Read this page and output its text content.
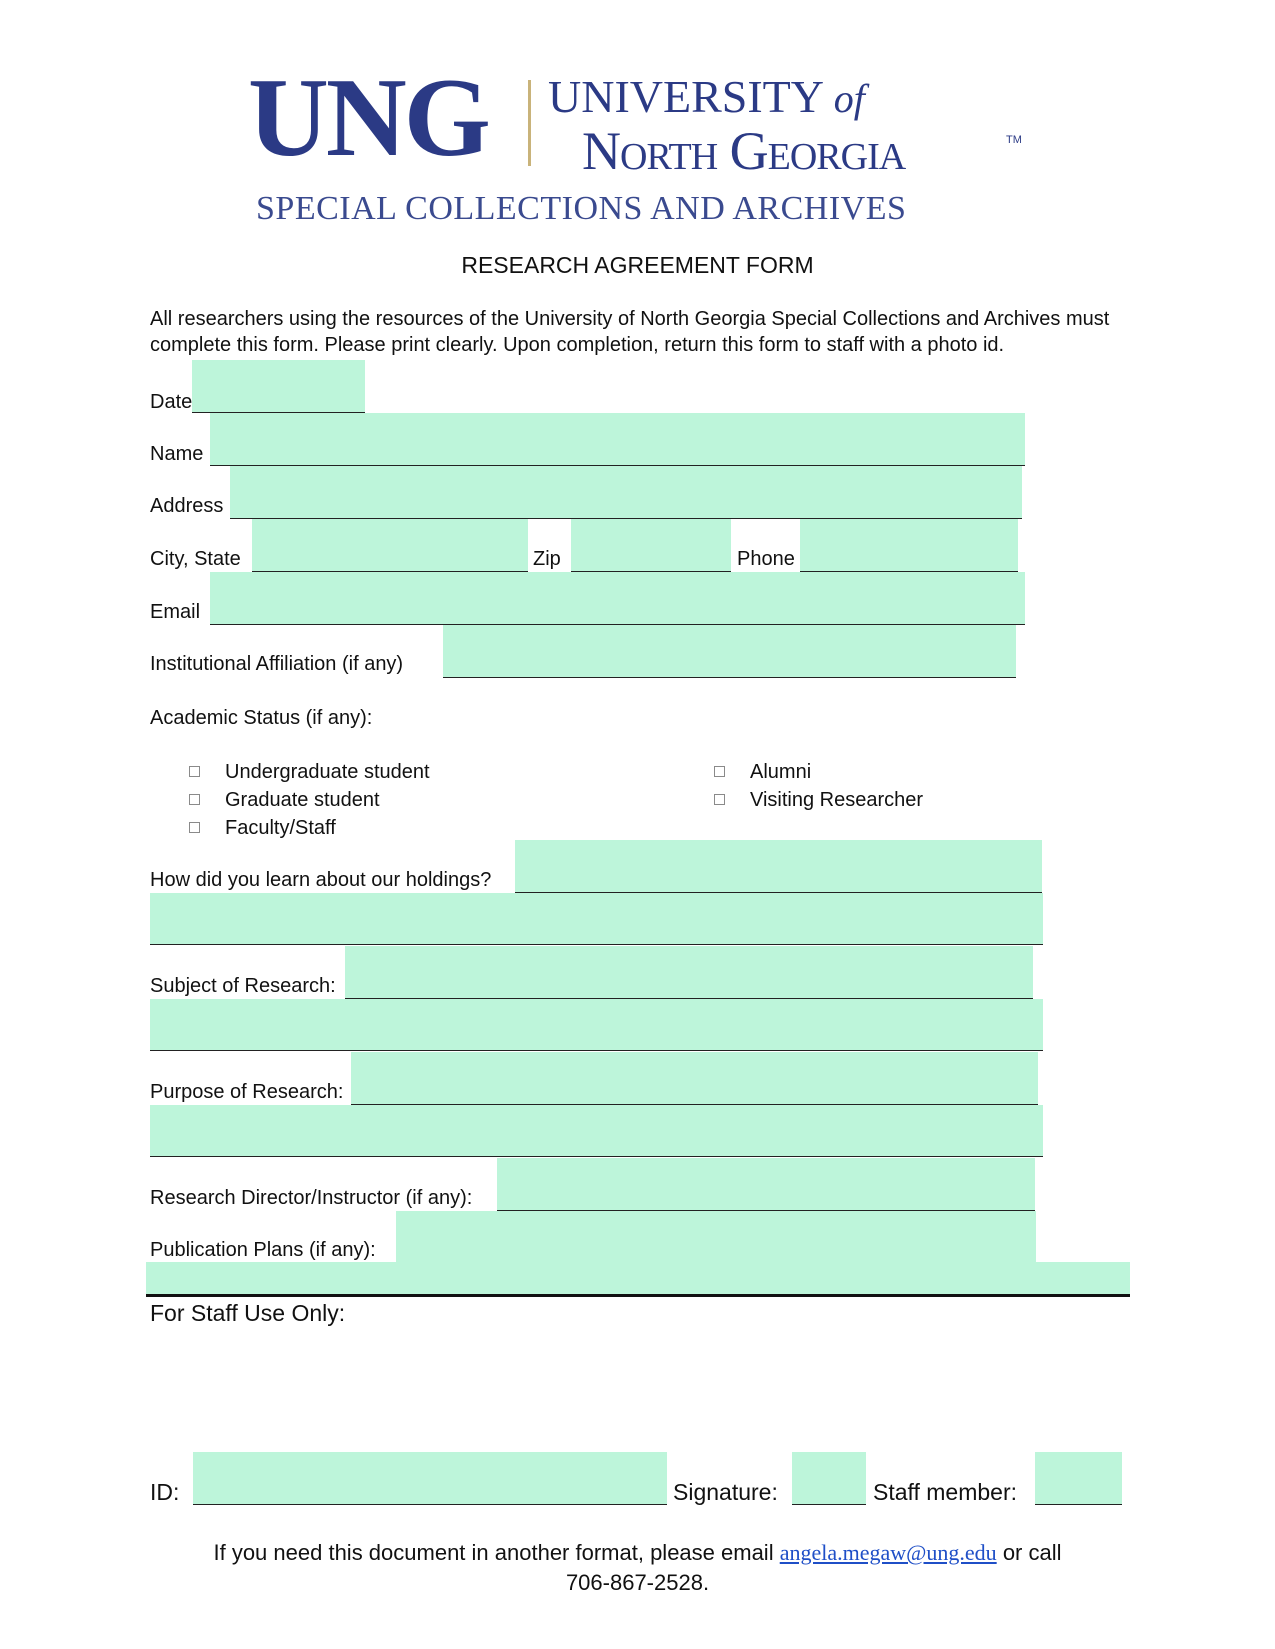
UNG UNIVERSITY of
North Georgia	TM
SPECIAL COLLECTIONS AND ARCHIVES
RESEARCH AGREEMENT FORM
All researchers using the resources of the University of North Georgia Special Collections and Archives must complete this form. Please print clearly. Upon completion, return this form to staff with a photo id.
Date
Name
Address
City, State	Zip	Phone
Email
Institutional Affiliation (if any)
Academic Status (if any):
Undergraduate student
Graduate student
Faculty/Staff
Alumni
Visiting Researcher
How did you learn about our holdings?
Subject of Research:
Purpose of Research:
Research Director/Instructor (if any):
Publication Plans (if any):
For Staff Use Only:
ID:	Signature:	Staff member:
If you need this document in another format, please email angela.megaw@ung.edu or call
706-867-2528.
